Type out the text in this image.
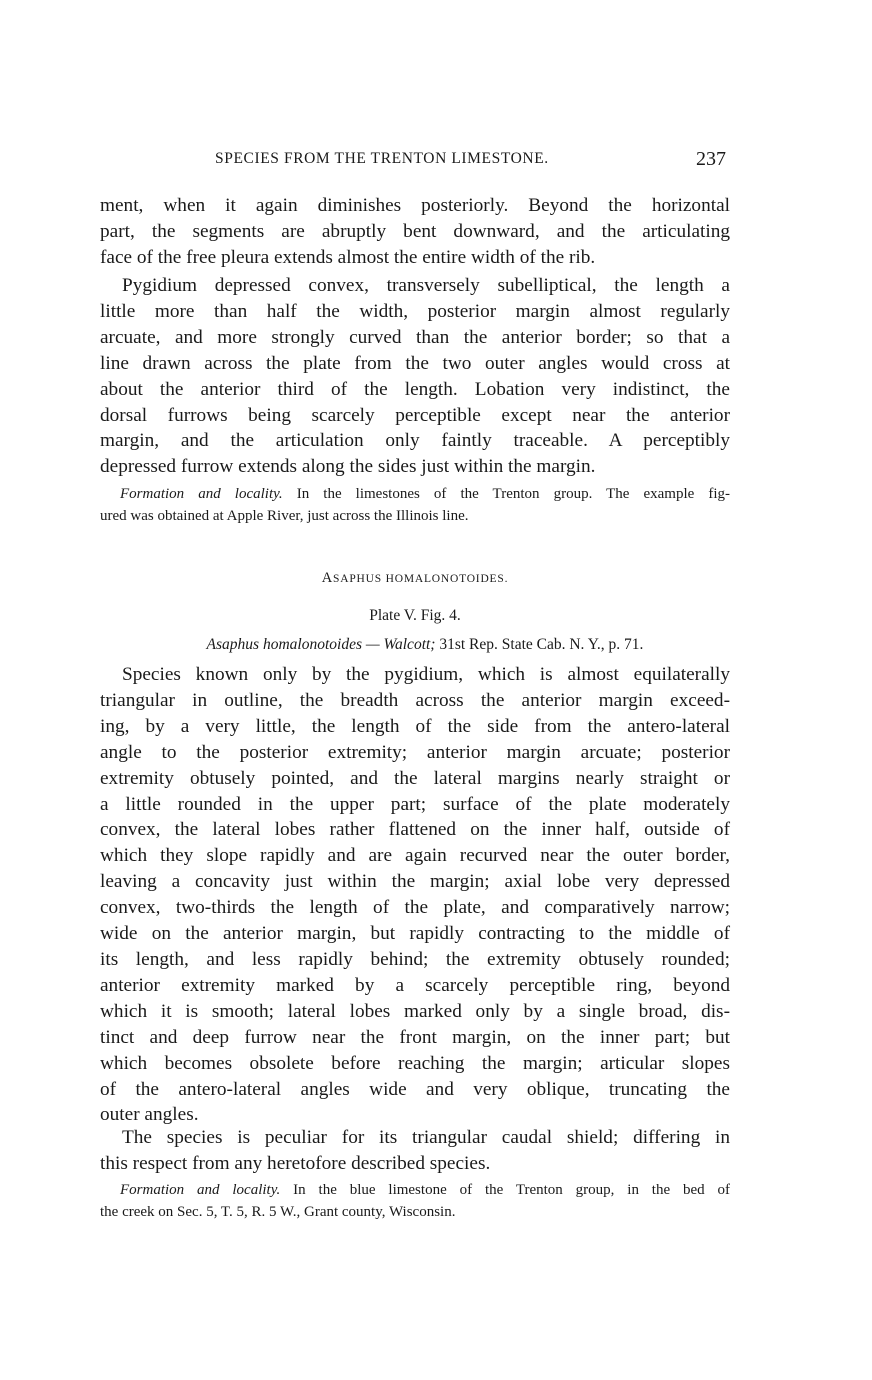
SPECIES FROM THE TRENTON LIMESTONE.	237
ment, when it again diminishes posteriorly. Beyond the horizontal
part, the segments are abruptly bent downward, and the articulating
face of the free pleura extends almost the entire width of the rib.
Pygidium depressed convex, transversely subelliptical, the length a
little more than half the width, posterior margin almost regularly
arcuate, and more strongly curved than the anterior border; so that a
line drawn across the plate from the two outer angles would cross at
about the anterior third of the length. Lobation very indistinct, the
dorsal furrows being scarcely perceptible except near the anterior
margin, and the articulation only faintly traceable. A perceptibly
depressed furrow extends along the sides just within the margin.
Formation and locality. In the limestones of the Trenton group. The example fig-
ured was obtained at Apple River, just across the Illinois line.
ASAPHUS HOMALONOTOIDES.
Plate V. Fig. 4.
Asaphus homalonotoides — Walcott; 31st Rep. State Cab. N. Y., p. 71.
Species known only by the pygidium, which is almost equilaterally
triangular in outline, the breadth across the anterior margin exceed-
ing, by a very little, the length of the side from the antero-lateral
angle to the posterior extremity; anterior margin arcuate; posterior
extremity obtusely pointed, and the lateral margins nearly straight or
a little rounded in the upper part; surface of the plate moderately
convex, the lateral lobes rather flattened on the inner half, outside of
which they slope rapidly and are again recurved near the outer border,
leaving a concavity just within the margin; axial lobe very depressed
convex, two-thirds the length of the plate, and comparatively narrow;
wide on the anterior margin, but rapidly contracting to the middle of
its length, and less rapidly behind; the extremity obtusely rounded;
anterior extremity marked by a scarcely perceptible ring, beyond
which it is smooth; lateral lobes marked only by a single broad, dis-
tinct and deep furrow near the front margin, on the inner part; but
which becomes obsolete before reaching the margin; articular slopes
of the antero-lateral angles wide and very oblique, truncating the
outer angles.
The species is peculiar for its triangular caudal shield; differing in
this respect from any heretofore described species.
Formation and locality. In the blue limestone of the Trenton group, in the bed of
the creek on Sec. 5, T. 5, R. 5 W., Grant county, Wisconsin.
